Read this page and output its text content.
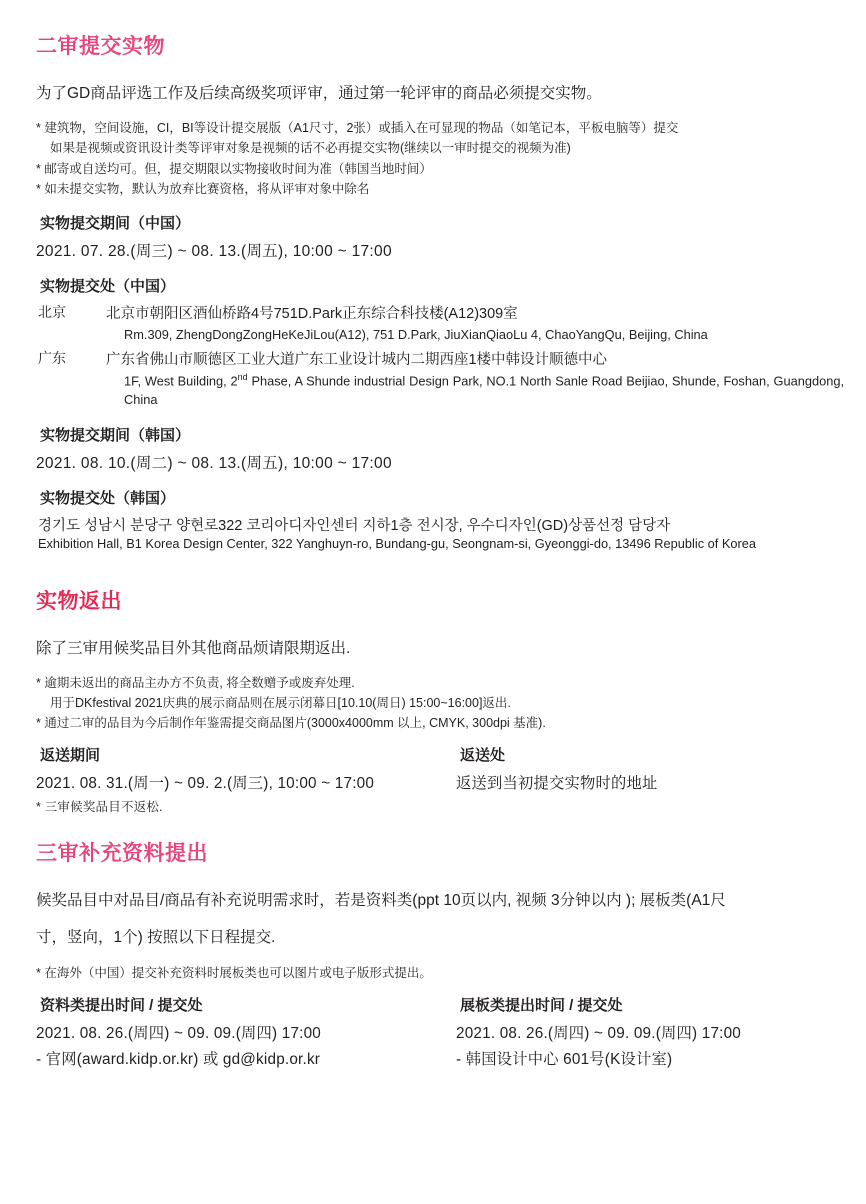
二审提交实物

为了GD商品评选工作及后续高级奖项评审，通过第一轮评审的商品必须提交实物。

* 建筑物，空间设施，CI，BI等设计提交展版（A1尺寸，2张）或插入在可显现的物品（如笔记本，平板电脑等）提交

如果是视频或资讯设计类等评审对象是视频的话不必再提交实物(继续以一审时提交的视频为准)

* 邮寄或自送均可。但，提交期限以实物接收时间为准（韩国当地时间）

* 如未提交实物，默认为放弃比赛资格，将从评审对象中除名

实物提交期间（中国）

2021. 07. 28.(周三) ~ 08. 13.(周五), 10:00 ~ 17:00

实物提交处（中国）
北京	北京市朝阳区酒仙桥路4号751D.Park正东综合科技楼(A12)309室

Rm.309, ZhengDongZongHeKeJiLou(A12), 751 D.Park, JiuXianQiaoLu 4, ChaoYangQu, Beijing, China

广东	广东省佛山市顺德区工业大道广东工业设计城内二期西座1楼中韩设计顺德中心

1F, West Building, 2nd Phase, A Shunde industrial Design Park, NO.1 North Sanle Road Beijiao, Shunde, Foshan, Guangdong, China

实物提交期间（韩国）

2021. 08. 10.(周二) ~ 08. 13.(周五), 10:00 ~ 17:00

实物提交处（韩国）

경기도 성남시 분당구 양현로322 코리아디자인센터 지하1층 전시장, 우수디자인(GD)상품선정 담당자

Exhibition Hall, B1 Korea Design Center, 322 Yanghuyn-ro, Bundang-gu, Seongnam-si, Gyeonggi-do, 13496 Republic of Korea

实物返出

除了三审用候奖品目外其他商品烦请限期返出.

* 逾期未返出的商品主办方不负责, 将全数赠予或废弃处理.

用于DKfestival 2021庆典的展示商品则在展示闭幕日[10.10(周日) 15:00~16:00]返出.

* 通过二审的品目为今后制作年鉴需提交商品图片(3000x4000mm 以上, CMYK, 300dpi 基准).

返送期间

2021. 08. 31.(周一) ~ 09. 2.(周三), 10:00 ~ 17:00

* 三审候奖品目不返松.

返送处

返送到当初提交实物时的地址

三审补充资料提出

候奖品目中对品目/商品有补充说明需求时，若是资料类(ppt 10页以内, 视频 3分钟以内 ); 展板类(A1尺

寸，竖向，1个) 按照以下日程提交.

* 在海外（中国）提交补充资料时展板类也可以图片或电子版形式提出。

资料类提出时间 / 提交处

2021. 08. 26.(周四) ~ 09. 09.(周四) 17:00

- 官网(award.kidp.or.kr) 或 gd@kidp.or.kr

展板类提出时间 / 提交处

2021. 08. 26.(周四) ~ 09. 09.(周四) 17:00

- 韩国设计中心 601号(K设计室)
